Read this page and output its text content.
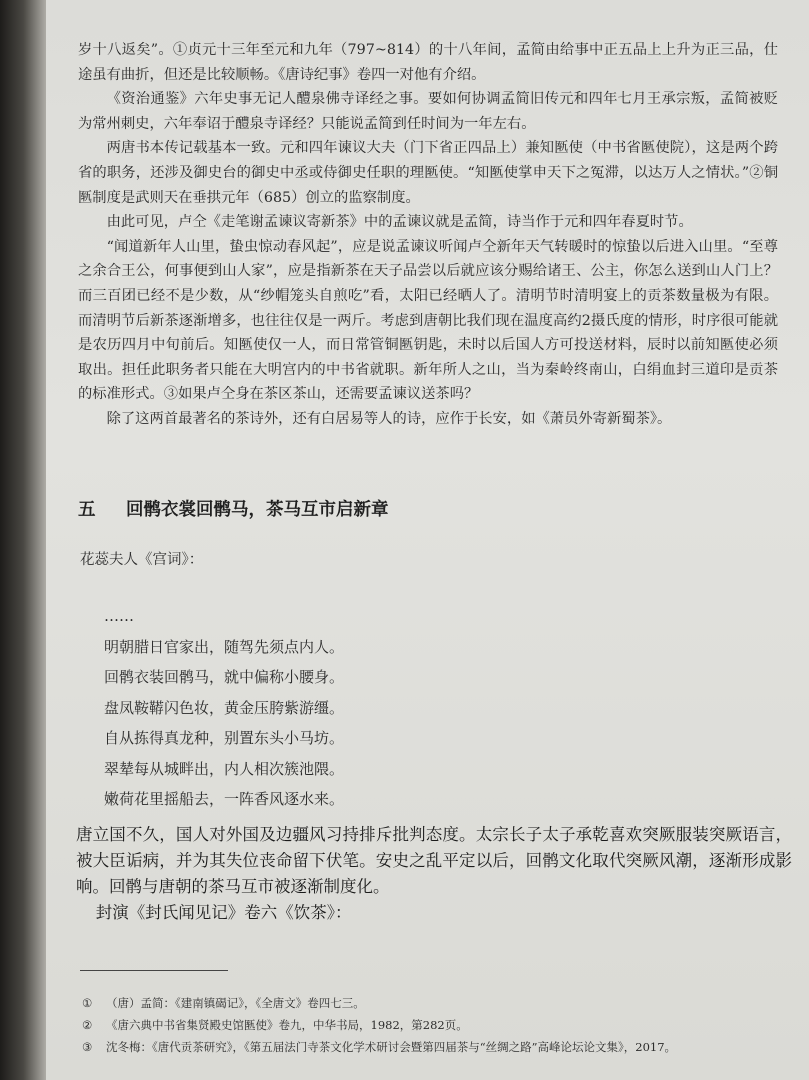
岁十八返矣”。①贞元十三年至元和九年（797~814）的十八年间，孟简由给事中正五品上上升为正三品，仕途虽有曲折，但还是比较顺畅。《唐诗纪事》卷四一对他有介绍。

《资治通鉴》六年史事无记人醴泉佛寺译经之事。要如何协调孟简旧传元和四年七月王承宗叛，孟简被贬为常州刺史，六年奉诏于醴泉寺译经？只能说孟简到任时间为一年左右。

两唐书本传记载基本一致。元和四年谏议大夫（门下省正四品上）兼知匦使（中书省匦使院），这是两个跨省的职务，还涉及御史台的御史中丞或侍御史任职的理匦使。“知匦使掌申天下之冤滞，以达万人之情状。”②铜匦制度是武则天在垂拱元年（685）创立的监察制度。

由此可见，卢仝《走笔谢孟谏议寄新茶》中的孟谏议就是孟简，诗当作于元和四年春夏时节。

“闻道新年人山里，蛰虫惊动春风起”，应是说孟谏议听闻卢仝新年天气转暖时的惊蛰以后进入山里。“至尊之余合王公，何事便到山人家”，应是指新茶在天子品尝以后就应该分赐给诸王、公主，你怎么送到山人门上？而三百团已经不是少数，从“纱帽笼头自煎吃”看，太阳已经晒人了。清明节时清明宴上的贡茶数量极为有限。而清明节后新茶逐渐增多，也往往仅是一两斤。考虑到唐朝比我们现在温度高约2摄氏度的情形，时序很可能就是农历四月中旬前后。知匦使仅一人，而日常管铜匦钥匙，未时以后国人方可投送材料，辰时以前知匦使必须取出。担任此职务者只能在大明宫内的中书省就职。新年所人之山，当为秦岭终南山，白绢血封三道印是贡茶的标准形式。③如果卢仝身在茶区茶山，还需要孟谏议送茶吗？

除了这两首最著名的茶诗外，还有白居易等人的诗，应作于长安，如《萧员外寄新蜀茶》。

五 回鹘衣裳回鹘马，茶马互市启新章
花蕊夫人《宫词》：
……
明朝腊日官家出，随驾先须点内人。
回鹘衣装回鹘马，就中偏称小腰身。
盘凤鞍鞯闪色妆，黄金压胯紫游缰。
自从拣得真龙种，别置东头小马坊。
翠辇每从城畔出，内人相次簇池隈。
嫩荷花里摇船去，一阵香风逐水来。

唐立国不久，国人对外国及边疆风习持排斥批判态度。太宗长子太子承乾喜欢突厥服装突厥语言，被大臣诟病，并为其失位丧命留下伏笔。安史之乱平定以后，回鹘文化取代突厥风潮，逐渐形成影响。回鹘与唐朝的茶马互市被逐渐制度化。

封演《封氏闻见记》卷六《饮茶》：

① （唐）孟简：《建南镇碣记》，《全唐文》卷四七三。
② 《唐六典中书省集贤殿史馆匦使》卷九，中华书局，1982，第282页。
③ 沈冬梅：《唐代贡茶研究》，《第五届法门寺茶文化学术研讨会暨第四届茶与“丝绸之路”高峰论坛论文集》，2017。
